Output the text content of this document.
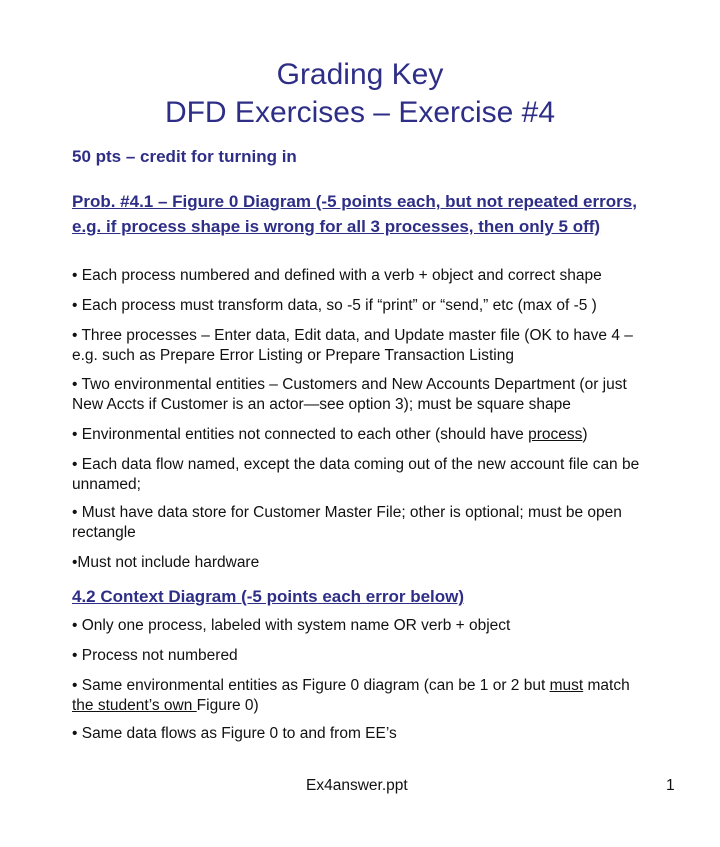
Grading Key
DFD Exercises – Exercise #4
50 pts – credit for turning in
Prob. #4.1 – Figure 0 Diagram (-5 points each, but not repeated errors, e.g. if process shape is wrong for all 3 processes, then only 5 off)
• Each process numbered and defined with a verb + object and correct shape
• Each process must transform data, so -5 if “print” or “send,” etc (max of -5 )
• Three processes – Enter data, Edit data, and Update master file (OK to have 4 – e.g. such as Prepare Error Listing or Prepare Transaction Listing
• Two environmental entities – Customers and New Accounts Department (or just New Accts if Customer is an actor—see option 3); must be square shape
• Environmental entities not connected to each other (should have process)
• Each data flow named, except the data coming out of the new account file can be unnamed;
• Must have data store for Customer Master File; other is optional; must be open rectangle
•Must not include hardware
4.2 Context Diagram (-5 points each error below)
• Only one process, labeled with system name OR verb + object
• Process not numbered
• Same environmental entities as Figure 0 diagram (can be 1 or 2 but must match the student’s own Figure 0)
• Same data flows as Figure 0 to and from EE’s
Ex4answer.ppt	1
